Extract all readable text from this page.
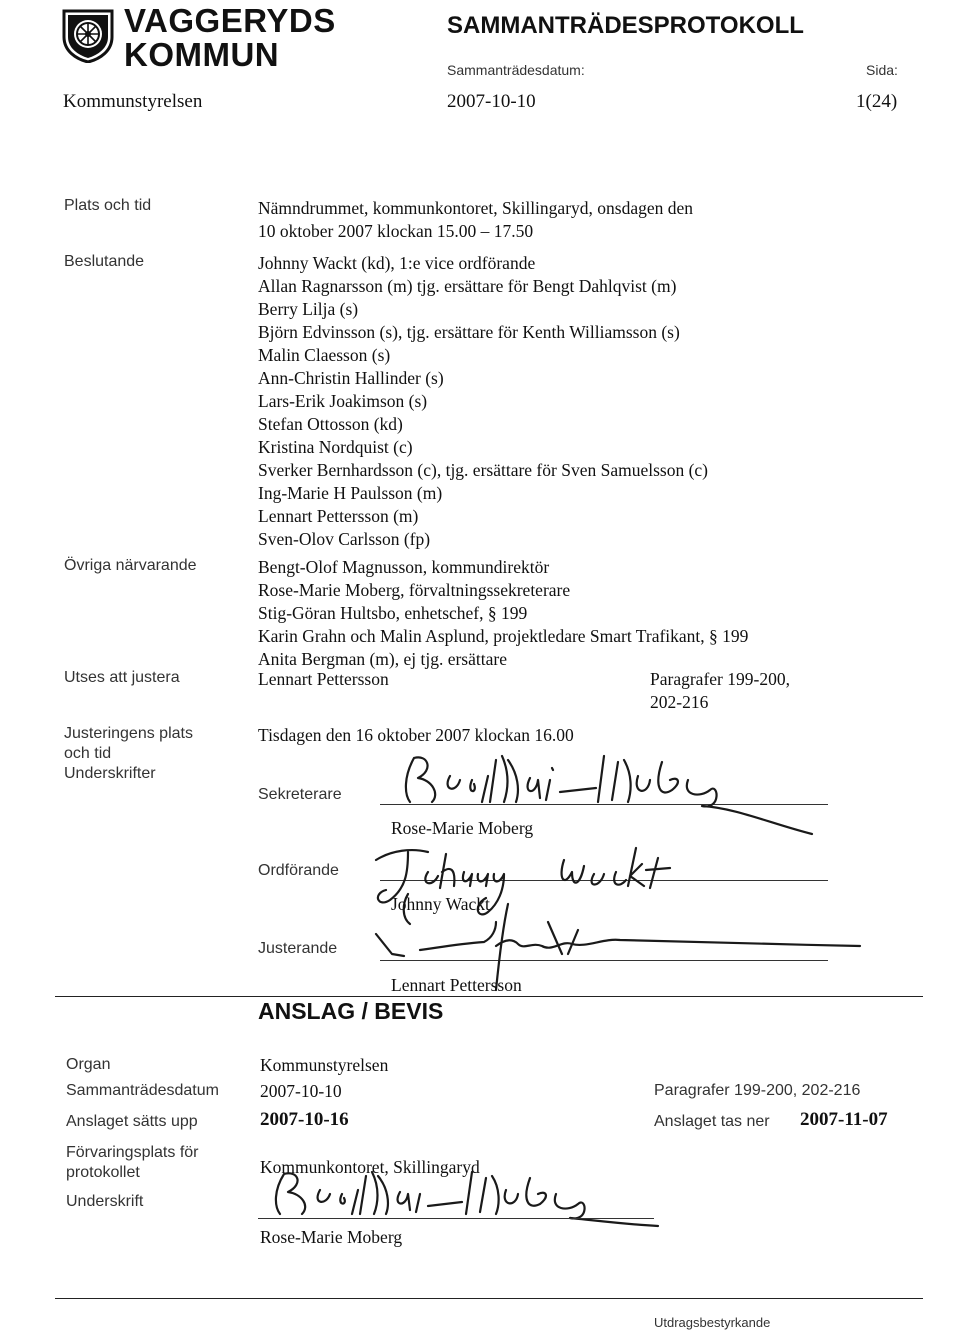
VAGGERYDS
KOMMUN
SAMMANTRÄDESPROTOKOLL
Sammanträdesdatum:	Sida:
Kommunstyrelsen	2007-10-10	1(24)
Plats och tid	Nämndrummet, kommunkontoret, Skillingaryd, onsdagen den
10 oktober 2007 klockan 15.00 – 17.50
Beslutande	Johnny Wackt (kd), 1:e vice ordförande
Allan Ragnarsson (m) tjg. ersättare för Bengt Dahlqvist (m)
Berry Lilja (s)
Björn Edvinsson (s), tjg. ersättare för Kenth Williamsson (s)
Malin Claesson (s)
Ann-Christin Hallinder (s)
Lars-Erik Joakimson (s)
Stefan Ottosson (kd)
Kristina Nordquist (c)
Sverker Bernhardsson (c), tjg. ersättare för Sven Samuelsson (c)
Ing-Marie H Paulsson (m)
Lennart Pettersson (m)
Sven-Olov Carlsson (fp)
Övriga närvarande	Bengt-Olof Magnusson, kommundirektör
Rose-Marie Moberg, förvaltningssekreterare
Stig-Göran Hultsbo, enhetschef, § 199
Karin Grahn och Malin Asplund, projektledare Smart Trafikant, § 199
Anita Bergman (m), ej tjg. ersättare
Utses att justera	Lennart Pettersson	Paragrafer 199-200,
202-216
Justeringens plats
och tid
Underskrifter
Tisdagen den 16 oktober 2007 klockan 16.00
Sekreterare
Rose-Marie Moberg
Ordförande
Johnny Wackt
Justerande
Lennart Pettersson
ANSLAG / BEVIS
Organ	Kommunstyrelsen
Sammanträdesdatum 2007-10-10	Paragrafer 199-200, 202-216
Anslaget sätts upp	2007-10-16	Anslaget tas ner 2007-11-07
Förvaringsplats för
protokollet	Kommunkontoret, Skillingaryd
Underskrift
Rose-Marie Moberg
Utdragsbestyrkande
